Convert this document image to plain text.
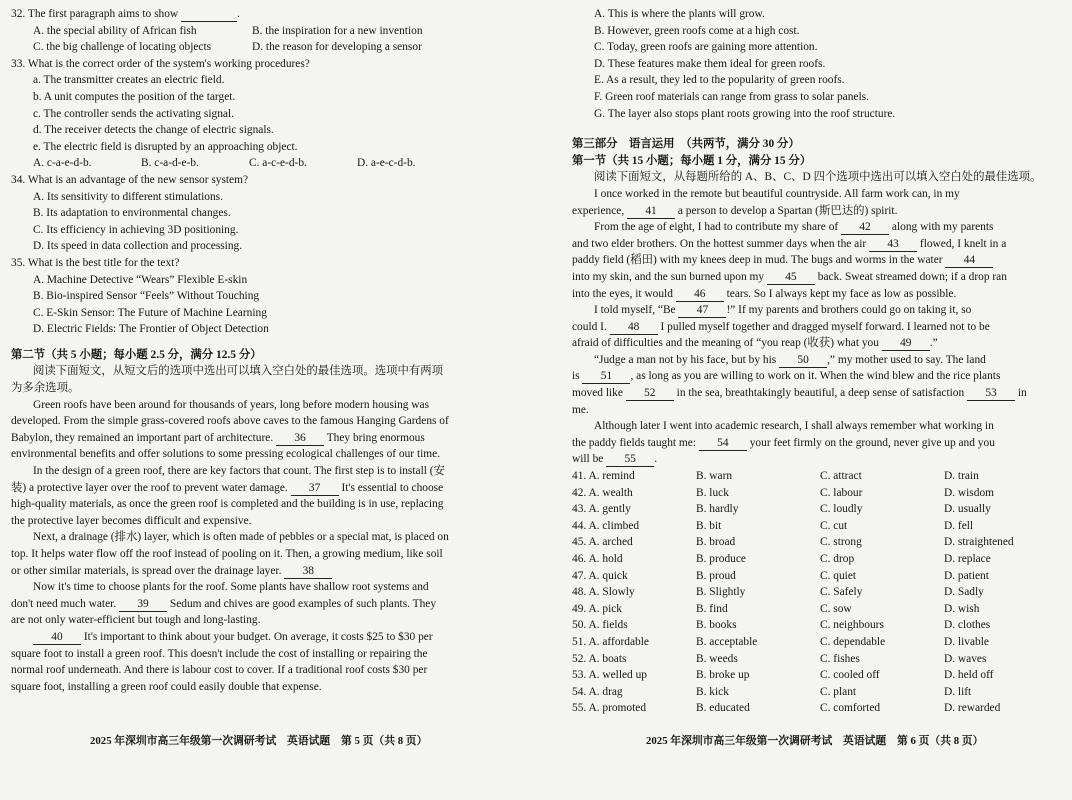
32. The first paragraph aims to show	.
A. the special ability of African fish	B. the inspiration for a new invention
C. the big challenge of locating objects	D. the reason for developing a sensor
33. What is the correct order of the system's working procedures?
a. The transmitter creates an electric field.
b. A unit computes the position of the target.
c. The controller sends the activating signal.
d. The receiver detects the change of electric signals.
e. The electric field is disrupted by an approaching object.
A. c-a-e-d-b.	B. c-a-d-e-b.	C. a-c-e-d-b.	D. a-e-c-d-b.
34. What is an advantage of the new sensor system?
A. Its sensitivity to different stimulations.
B. Its adaptation to environmental changes.
C. Its efficiency in achieving 3D positioning.
D. Its speed in data collection and processing.
35. What is the best title for the text?
A. Machine Detective “Wears” Flexible E-skin
B. Bio-inspired Sensor “Feels” Without Touching
C. E-Skin Sensor: The Future of Machine Learning
D. Electric Fields: The Frontier of Object Detection
第二节（共 5 小题；每小题 2.5 分，满分 12.5 分）
阅读下面短文，从短文后的选项中选出可以填入空白处的最佳选项。选项中有两项
为多余选项。
Green roofs have been around for thousands of years, long before modern housing was
developed. From the simple grass-covered roofs above caves to the famous Hanging Gardens of
Babylon, they remained an important part of architecture. 36 They bring enormous
environmental benefits and offer solutions to some pressing ecological challenges of our time.
In the design of a green roof, there are key factors that count. The first step is to install (安
装) a protective layer over the roof to prevent water damage. 37 It's essential to choose
high-quality materials, as once the green roof is completed and the building is in use, replacing
the protective layer becomes difficult and expensive.
Next, a drainage (排水) layer, which is often made of pebbles or a special mat, is placed on
top. It helps water flow off the roof instead of pooling on it. Then, a growing medium, like soil
or other similar materials, is spread over the drainage layer. 38
Now it's time to choose plants for the roof. Some plants have shallow root systems and
don't need much water. 39 Sedum and chives are good examples of such plants. They
are not only water-efficient but tough and long-lasting.
40 It's important to think about your budget. On average, it costs $25 to $30 per
square foot to install a green roof. This doesn't include the cost of installing or repairing the
normal roof underneath. And there is labour cost to cover. If a traditional roof costs $30 per
square foot, installing a green roof could easily double that expense.
2025 年深圳市高三年级第一次调研考试　英语试题　第 5 页（共 8 页）
A. This is where the plants will grow.
B. However, green roofs come at a high cost.
C. Today, green roofs are gaining more attention.
D. These features make them ideal for green roofs.
E. As a result, they led to the popularity of green roofs.
F. Green roof materials can range from grass to solar panels.
G. The layer also stops plant roots growing into the roof structure.
第三部分　语言运用　（共两节，满分 30 分）
第一节（共 15 小题；每小题 1 分，满分 15 分）
阅读下面短文，从每题所给的 A、B、C、D 四个选项中选出可以填入空白处的最佳选项。
I once worked in the remote but beautiful countryside. All farm work can, in my
experience, 41 a person to develop a Spartan (斯巴达的) spirit.
From the age of eight, I had to contribute my share of 42 along with my parents
and two elder brothers. On the hottest summer days when the air 43 flowed, I knelt in a
paddy field (稻田) with my knees deep in mud. The bugs and worms in the water 44
into my skin, and the sun burned upon my 45 back. Sweat streamed down; if a drop ran
into the eyes, it would 46 tears. So I always kept my face as low as possible.
I told myself, “Be 47 !” If my parents and brothers could go on taking it, so
could I. 48 I pulled myself together and dragged myself forward. I learned not to be
afraid of difficulties and the meaning of “you reap (收获) what you 49 .”
“Judge a man not by his face, but by his 50 ,” my mother used to say. The land
is 51 , as long as you are willing to work on it. When the wind blew and the rice plants
moved like 52 in the sea, breathtakingly beautiful, a deep sense of satisfaction 53 in
me.
Although later I went into academic research, I shall always remember what working in
the paddy fields taught me: 54 your feet firmly on the ground, never give up and you
will be 55 .
41. A. remind	B. warn	C. attract	D. train
42. A. wealth	B. luck	C. labour	D. wisdom
43. A. gently	B. hardly	C. loudly	D. usually
44. A. climbed	B. bit	C. cut	D. fell
45. A. arched	B. broad	C. strong	D. straightened
46. A. hold	B. produce	C. drop	D. replace
47. A. quick	B. proud	C. quiet	D. patient
48. A. Slowly	B. Slightly	C. Safely	D. Sadly
49. A. pick	B. find	C. sow	D. wish
50. A. fields	B. books	C. neighbours	D. clothes
51. A. affordable	B. acceptable	C. dependable	D. livable
52. A. boats	B. weeds	C. fishes	D. waves
53. A. welled up	B. broke up	C. cooled off	D. held off
54. A. drag	B. kick	C. plant	D. lift
55. A. promoted	B. educated	C. comforted	D. rewarded
2025 年深圳市高三年级第一次调研考试　英语试题　第 6 页（共 8 页）
